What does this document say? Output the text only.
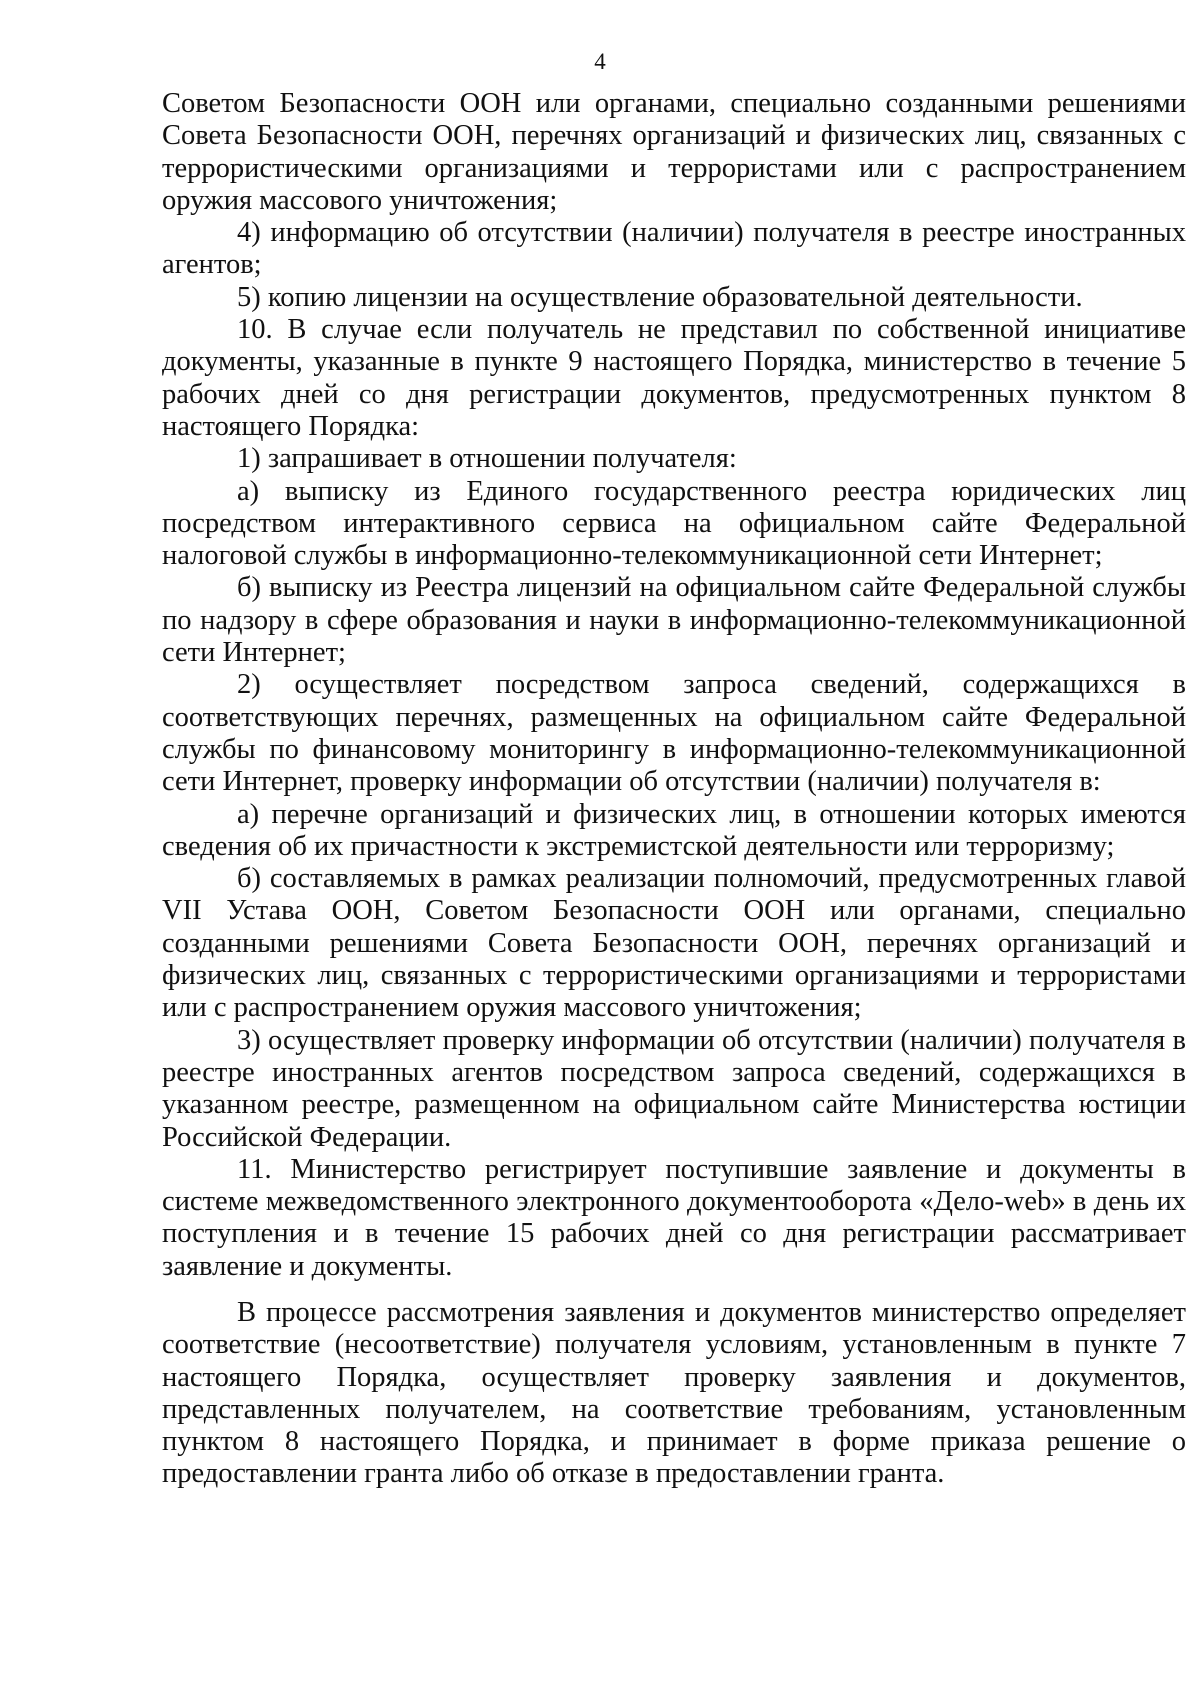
4

Советом Безопасности ООН или органами, специально созданными решениями Совета Безопасности ООН, перечнях организаций и физических лиц, связанных с террористическими организациями и террористами или с распространением оружия массового уничтожения;

4) информацию об отсутствии (наличии) получателя в реестре иностранных агентов;

5) копию лицензии на осуществление образовательной деятельности.

10. В случае если получатель не представил по собственной инициативе документы, указанные в пункте 9 настоящего Порядка, министерство в течение 5 рабочих дней со дня регистрации документов, предусмотренных пунктом 8 настоящего Порядка:

1) запрашивает в отношении получателя:

а) выписку из Единого государственного реестра юридических лиц посредством интерактивного сервиса на официальном сайте Федеральной налоговой службы в информационно-телекоммуникационной сети Интернет;

б) выписку из Реестра лицензий на официальном сайте Федеральной службы по надзору в сфере образования и науки в информационно-телекоммуникационной сети Интернет;

2) осуществляет посредством запроса сведений, содержащихся в соответствующих перечнях, размещенных на официальном сайте Федеральной службы по финансовому мониторингу в информационно-телекоммуникационной сети Интернет, проверку информации об отсутствии (наличии) получателя в:

а) перечне организаций и физических лиц, в отношении которых имеются сведения об их причастности к экстремистской деятельности или терроризму;

б) составляемых в рамках реализации полномочий, предусмотренных главой VII Устава ООН, Советом Безопасности ООН или органами, специально созданными решениями Совета Безопасности ООН, перечнях организаций и физических лиц, связанных с террористическими организациями и террористами или с распространением оружия массового уничтожения;

3) осуществляет проверку информации об отсутствии (наличии) получателя в реестре иностранных агентов посредством запроса сведений, содержащихся в указанном реестре, размещенном на официальном сайте Министерства юстиции Российской Федерации.

11. Министерство регистрирует поступившие заявление и документы в системе межведомственного электронного документооборота «Дело-web» в день их поступления и в течение 15 рабочих дней со дня регистрации рассматривает заявление и документы.

В процессе рассмотрения заявления и документов министерство определяет соответствие (несоответствие) получателя условиям, установленным в пункте 7 настоящего Порядка, осуществляет проверку заявления и документов, представленных получателем, на соответствие требованиям, установленным пунктом 8 настоящего Порядка, и принимает в форме приказа решение о предоставлении гранта либо об отказе в предоставлении гранта.
